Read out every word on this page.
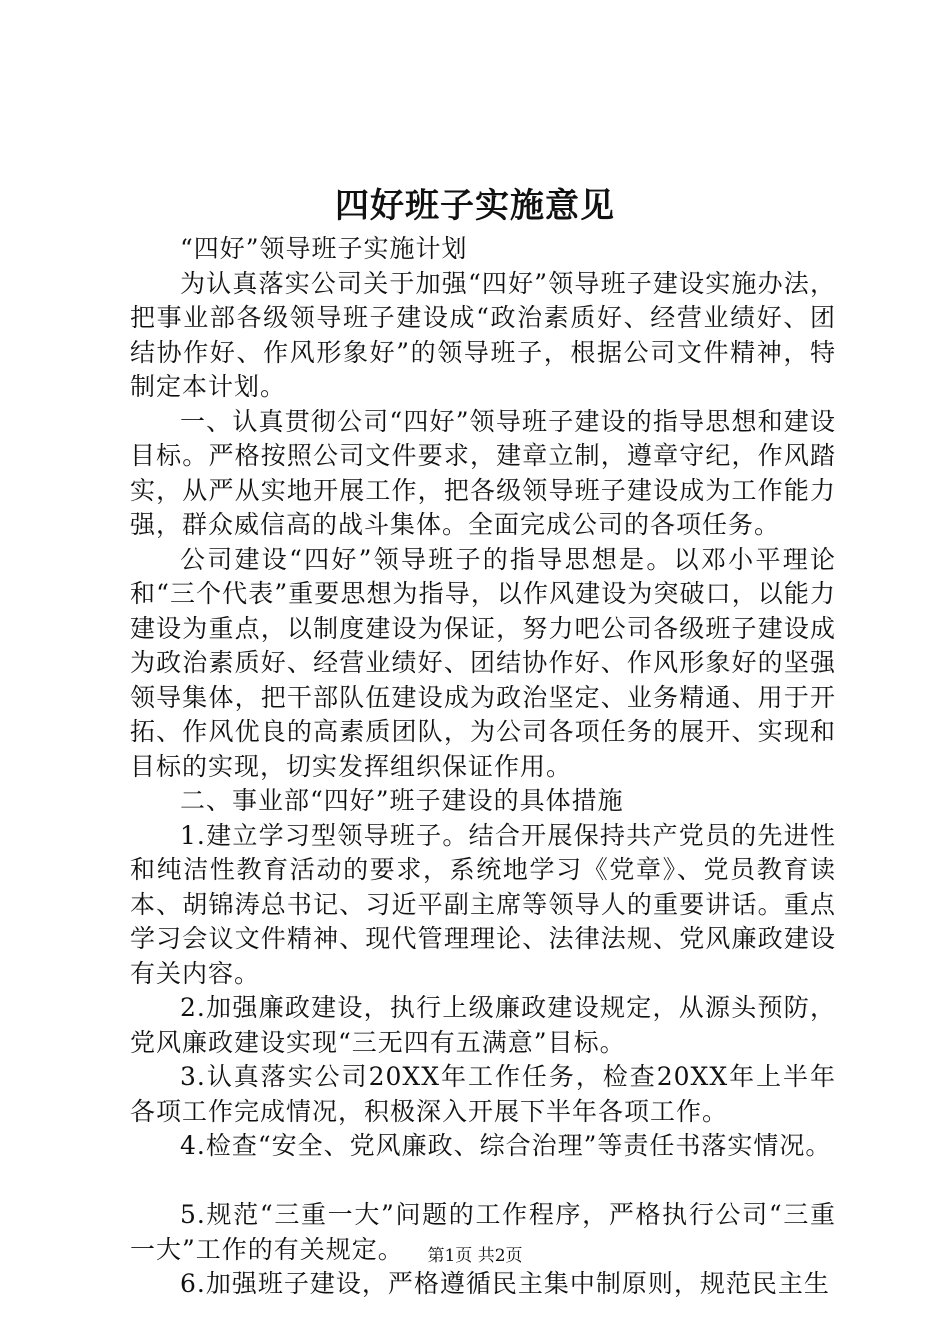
四好班子实施意见

“四好”领导班子实施计划

为认真落实公司关于加强“四好”领导班子建设实施办法，把事业部各级领导班子建设成“政治素质好、经营业绩好、团结协作好、作风形象好”的领导班子，根据公司文件精神，特制定本计划。

一、认真贯彻公司“四好”领导班子建设的指导思想和建设目标。严格按照公司文件要求，建章立制，遵章守纪，作风踏实，从严从实地开展工作，把各级领导班子建设成为工作能力强，群众威信高的战斗集体。全面完成公司的各项任务。

公司建设“四好”领导班子的指导思想是。以邓小平理论和“三个代表”重要思想为指导，以作风建设为突破口，以能力建设为重点，以制度建设为保证，努力吧公司各级班子建设成为政治素质好、经营业绩好、团结协作好、作风形象好的坚强领导集体，把干部队伍建设成为政治坚定、业务精通、用于开拓、作风优良的高素质团队，为公司各项任务的展开、实现和目标的实现，切实发挥组织保证作用。

二、事业部“四好”班子建设的具体措施

1.建立学习型领导班子。结合开展保持共产党员的先进性和纯洁性教育活动的要求，系统地学习《党章》、党员教育读本、胡锦涛总书记、习近平副主席等领导人的重要讲话。重点学习会议文件精神、现代管理理论、法律法规、党风廉政建设有关内容。

2.加强廉政建设，执行上级廉政建设规定，从源头预防，党风廉政建设实现“三无四有五满意”目标。

3.认真落实公司20XX年工作任务，检查20XX年上半年各项工作完成情况，积极深入开展下半年各项工作。

4.检查“安全、党风廉政、综合治理”等责任书落实情况。

5.规范“三重一大”问题的工作程序，严格执行公司“三重一大”工作的有关规定。

6.加强班子建设，严格遵循民主集中制原则，规范民主生

第1页 共2页
